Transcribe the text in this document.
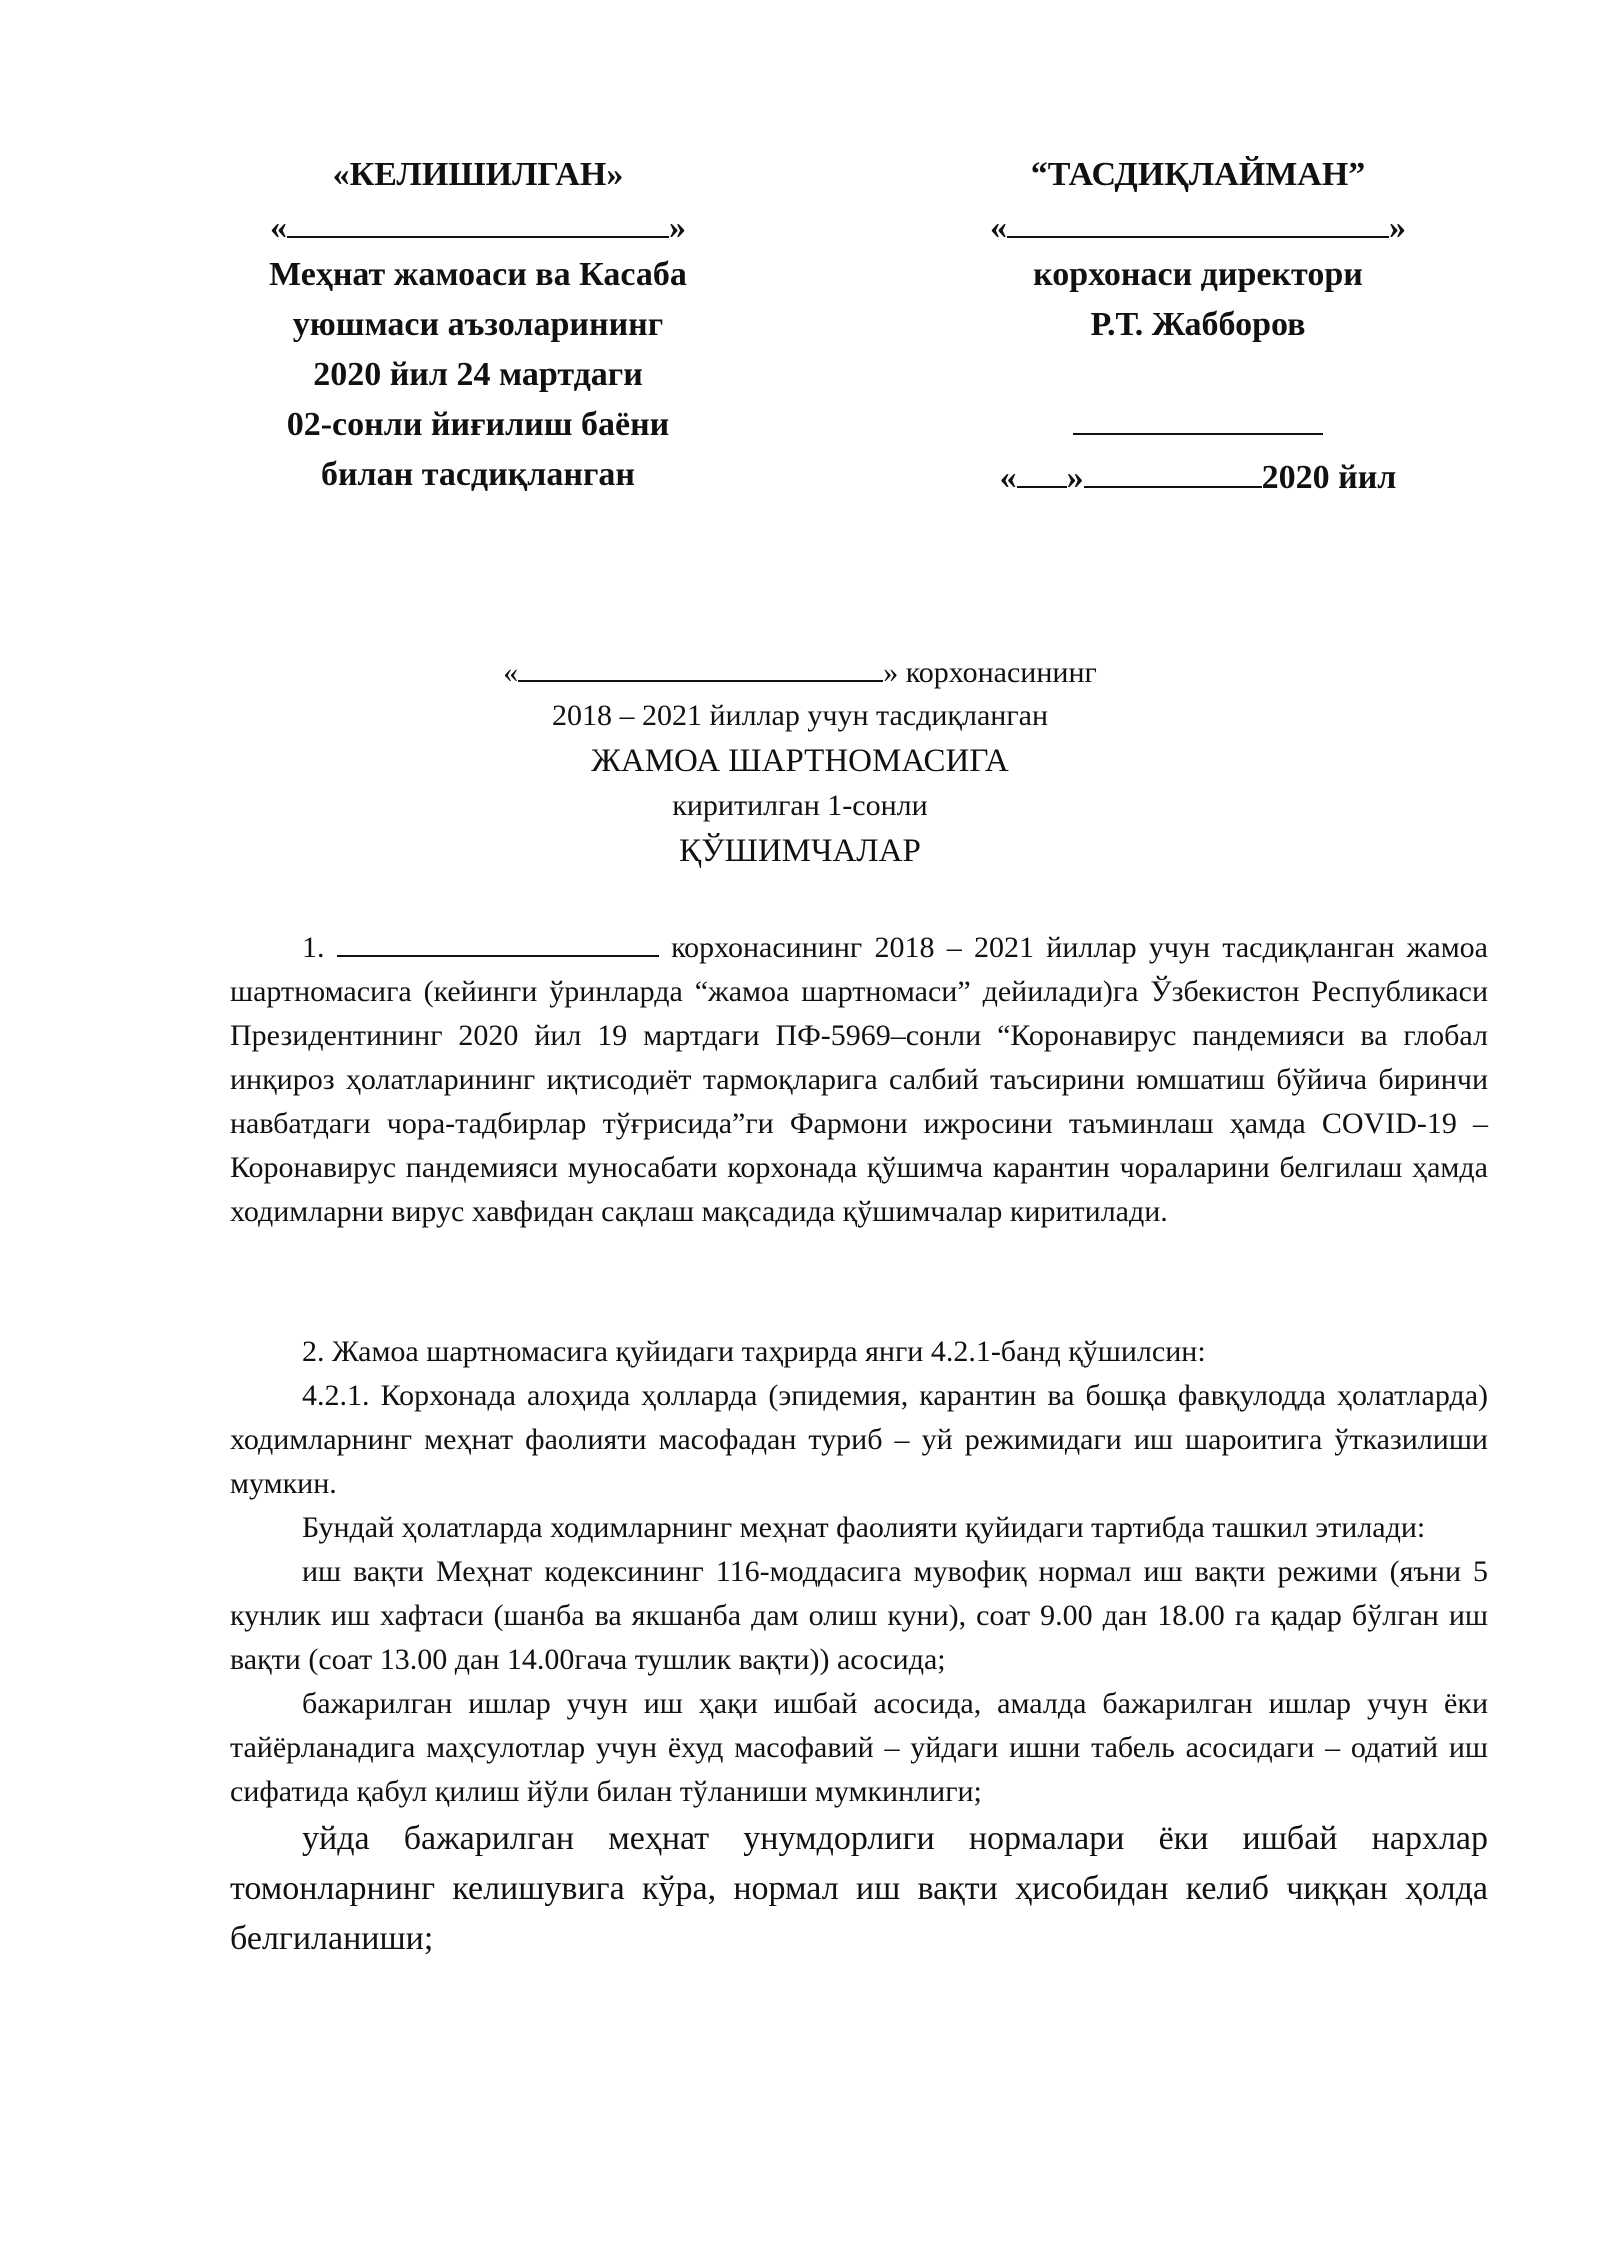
«КЕЛИШИЛГАН»
«	»
Меҳнат жамоаси ва Касаба
уюшмаси аъзоларининг
2020 йил 24 мартдаги
02-сонли йиғилиш баёни
билан тасдиқланган
“ТАСДИҚЛАЙМАН”
«	»
корхонаси директори
Р.Т. Жабборов
« »	2020 йил
«	» корхонасининг
2018 – 2021 йиллар учун тасдиқланган
ЖАМОА ШАРТНОМАСИГА
киритилган 1-сонли
ҚЎШИМЧАЛАР

1.	корхонасининг 2018 – 2021 йиллар учун тасдиқланган жамоа шартномасига (кейинги ўринларда “жамоа шартномаси” дейилади)га Ўзбекистон Республикаси Президентининг 2020 йил 19 мартдаги ПФ-5969–сонли “Коронавирус пандемияси ва глобал инқироз ҳолатларининг иқтисодиёт тармоқларига салбий таъсирини юмшатиш бўйича биринчи навбатдаги чора-тадбирлар тўғрисида”ги Фармони ижросини таъминлаш ҳамда COVID-19 – Коронавирус пандемияси муносабати корхонада қўшимча карантин чораларини белгилаш ҳамда ходимларни вирус хавфидан сақлаш мақсадида қўшимчалар киритилади.

2. Жамоа шартномасига қуйидаги таҳрирда янги 4.2.1-банд қўшилсин:

4.2.1. Корхонада алоҳида ҳолларда (эпидемия, карантин ва бошқа фавқулодда ҳолатларда) ходимларнинг меҳнат фаолияти масофадан туриб – уй режимидаги иш шароитига ўтказилиши мумкин.

Бундай ҳолатларда ходимларнинг меҳнат фаолияти қуйидаги тартибда ташкил этилади:

иш вақти Меҳнат кодексининг 116-моддасига мувофиқ нормал иш вақти режими (яъни 5 кунлик иш хафтаси (шанба ва якшанба дам олиш куни), соат 9.00 дан 18.00 га қадар бўлган иш вақти (соат 13.00 дан 14.00гача тушлик вақти)) асосида;

бажарилган ишлар учун иш ҳақи ишбай асосида, амалда бажарилган ишлар учун ёки тайёрланадига маҳсулотлар учун ёхуд масофавий – уйдаги ишни табель асосидаги – одатий иш сифатида қабул қилиш йўли билан тўланиши мумкинлиги;

уйда бажарилган меҳнат унумдорлиги нормалари ёки ишбай нархлар томонларнинг келишувига кўра, нормал иш вақти ҳисобидан келиб чиққан ҳолда белгиланиши;
